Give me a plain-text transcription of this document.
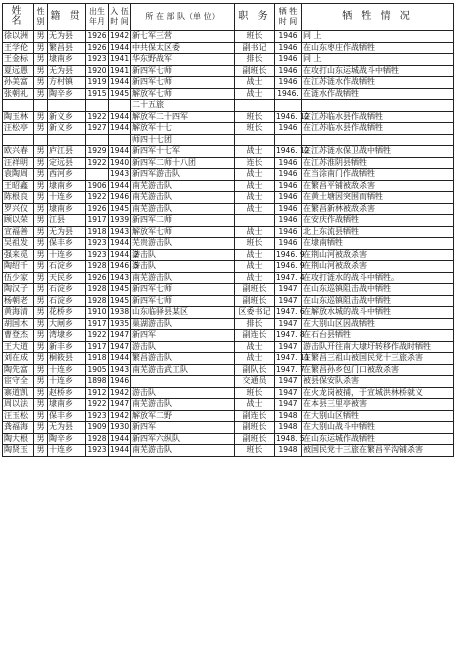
姓 名	性别	籍 贯	出生年月	入 伍时 间	所 在 部 队（单 位）	职 务	牺 牲时 间	牺 牲 情 况
徐以洲	男	无为县	1926	1942	新七军三营	班长	1946	同 上
王学伦	男	繁昌县	1926	1944	中共保太区委	副书记	1946	在山东枣庄作战牺牲
王金标	男	埭南乡	1923	1941	华东野战军	排长	1946	同 上
夏远愚	男	无为县	1920	1941	新四军七师	副班长	1946	在攻打山东运城战斗中牺牲
孙美富	男	方村镇	1919	1944	新四军七师	战士	1946	在江苏涟水作战牺牲
张朝礼	男	陶辛乡	1915	1945	解放军七师	战士	1946.	在涟水作战牺牲
					二十五旅			
陶玉林	男	新义乡	1922	1944	解放军二十四军	班长	1946. 12	在江苏临水县作战牺牲
汪松亭	男	新义乡	1927	1944	解放军十七	班长	1946	在江苏临水县作战牺牲
					师四十七团			
欧兴春	男	庐江县	1929	1944	新四军十七军	战士	1946. 12	在江苏涟水保卫战中牺牲
汪祥明	男	定远县	1922	1940	新四军二师十八团	连长	1946	在江苏淮阴县牺牲
袁陶周	男	西河乡		1943	新四军游击队	战士	1946	在当涂南门作战牺牲
王昭鑫	男	埭南乡	1906	1944	南芜游击队	战士	1946	在繁昌平铺被敌杀害
陈根良	男	十连乡	1922	1946	南芜游击队	战士	1946	在黄土塘因突围而牺牲
罗兴仪	男	埭南乡	1926	1945	南芜游击队	战士	1946	在繁昌新林被敌杀害
顾以荣	男	江县	1917	1939	新四军二师		1946	在安庆作战牺牲
宣福善	男	无为县	1918	1943	解放军七师	战士	1946	北上东流县牺牲
吴祖发	男	保丰乡	1923	1944	芜贵游击队	班长	1946	在埭南牺牲
强来觅	男	十连乡	1923	1944. 2	游击队	战士	1946. 9	在荆山河被敌杀害
陶绍千	男	石淀乡	1928	1946. 5	游击队	战士	1946. 9	在荆山河被敌杀害
伍少家	男	天民乡	1926	1943	南芜游击队	战士	1947. 4	在攻打涟水的战斗中牺牲。
陶汉子	男	石淀乡	1928	1945	新四军七师	副班长	1947	在山东巡镇阻击战中牺牲
杨朝老	男	石淀乡	1928	1945	新四军七师	副班长	1947	在山东巡镇阻击战中牺牲
黄海清	男	花桥乡	1910	1938	山东临驿县某区	区委书记	1947. 6	在解放水城的战斗中牺牲
胡国木	男	大闸乡	1917	1935	巢湖游击队	排长	1947	在大别山区因战牺牲
曹登杰	男	湾埭乡	1922	1947	新四军	副连长	1947. 8	在石台县牺牲
王大道	男	新丰乡	1917	1947	游击队	战士	1947	游击队开往南大埭圩转移作战时牺牲
刘在成	男	桐筱县	1918	1944	繁昌游击队	战士	1947. 11	在繁昌三祖山被国民党十三旅杀害
陶先富	男	十连乡	1905	1943	南芜游击武工队	副队长	1947. 7	在繁昌孙乡包门口被敌杀害
宦守全	男	十连乡	1898	1946		交通员	1947	被县保安队杀害
寨道凯	男	赵桥乡	1912	1942	游击队	班长	1947	在火龙岗被捕，于宣城洪林桥就义
周以法	男	埭南乡	1922	1947	南芜游击队	战士	1947	在本县三里亭被害
汪玉松	男	保丰乡	1923	1942	解放军二野	副连长	1948	在大别山区牺牲
龚福海	男	无为县	1909	1930	新四军	副班长	1948	在大别山战斗中牺牲
陶大根	男	陶辛乡	1928	1944	新四军六纵队	副班长	1948. 5	在山东运城作战牺牲
陶贤玉	男	十连乡	1923	1944	南芜游击队	班长	1948	被国民党十三旅在繁昌平沟铺杀害
